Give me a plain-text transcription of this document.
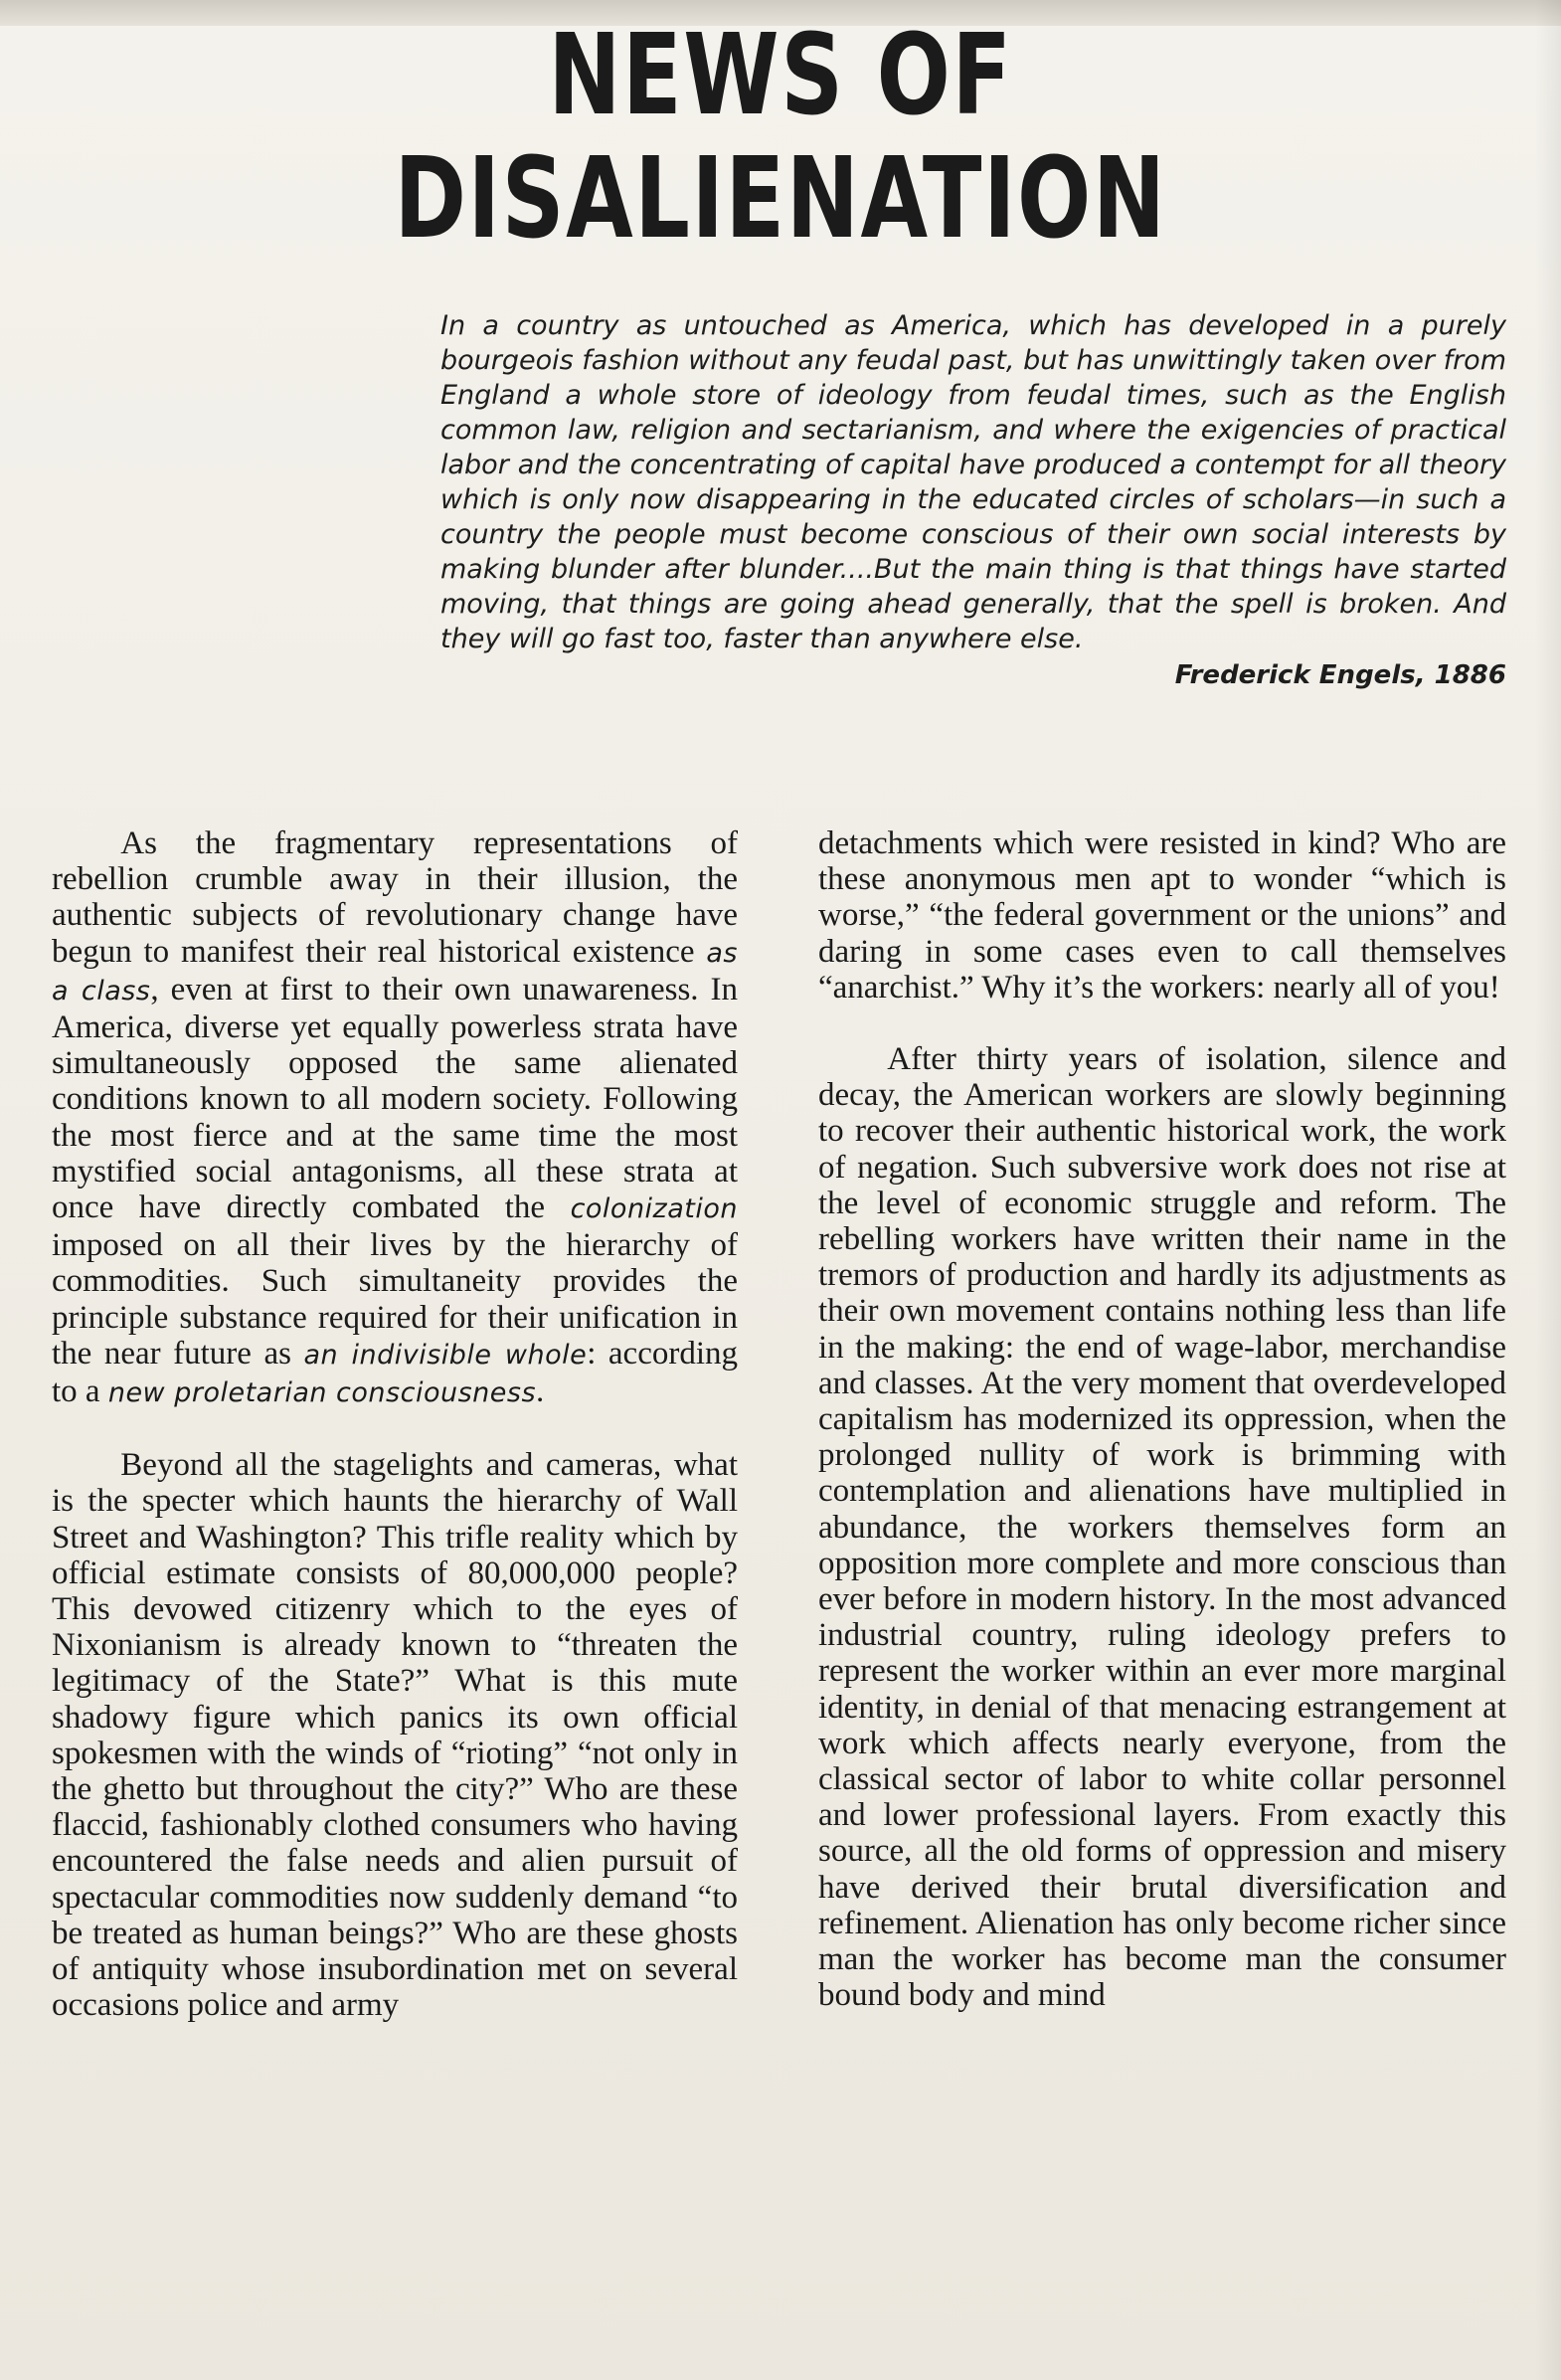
NEWS OF DISALIENATION

In a country as untouched as America, which has developed in a purely bourgeois fashion without any feudal past, but has unwittingly taken over from England a whole store of ideology from feudal times, such as the English common law, religion and sectarianism, and where the exigencies of practical labor and the concentrating of capital have produced a contempt for all theory which is only now disappearing in the educated circles of scholars—in such a country the people must become conscious of their own social interests by making blunder after blunder....But the main thing is that things have started moving, that things are going ahead generally, that the spell is broken. And they will go fast too, faster than anywhere else.

Frederick Engels, 1886

As the fragmentary representations of rebellion crumble away in their illusion, the authentic subjects of revolutionary change have begun to manifest their real historical existence as a class, even at first to their own unawareness. In America, diverse yet equally powerless strata have simultaneously opposed the same alienated conditions known to all modern society. Following the most fierce and at the same time the most mystified social antagonisms, all these strata at once have directly combated the colonization imposed on all their lives by the hierarchy of commodities. Such simultaneity provides the principle substance required for their unification in the near future as an indivisible whole: according to a new proletarian consciousness.

Beyond all the stagelights and cameras, what is the specter which haunts the hierarchy of Wall Street and Washington? This trifle reality which by official estimate consists of 80,000,000 people? This devowed citizenry which to the eyes of Nixonianism is already known to “threaten the legitimacy of the State?” What is this mute shadowy figure which panics its own official spokesmen with the winds of “rioting” “not only in the ghetto but throughout the city?” Who are these flaccid, fashionably clothed consumers who having encountered the false needs and alien pursuit of spectacular commodities now suddenly demand “to be treated as human beings?” Who are these ghosts of antiquity whose insubordination met on several occasions police and army

detachments which were resisted in kind? Who are these anonymous men apt to wonder “which is worse,” “the federal government or the unions” and daring in some cases even to call themselves “anarchist.” Why it’s the workers: nearly all of you!

After thirty years of isolation, silence and decay, the American workers are slowly beginning to recover their authentic historical work, the work of negation. Such subversive work does not rise at the level of economic struggle and reform. The rebelling workers have written their name in the tremors of production and hardly its adjustments as their own movement contains nothing less than life in the making: the end of wage-labor, merchandise and classes. At the very moment that overdeveloped capitalism has modernized its oppression, when the prolonged nullity of work is brimming with contemplation and alienations have multiplied in abundance, the workers themselves form an opposition more complete and more conscious than ever before in modern history. In the most advanced industrial country, ruling ideology prefers to represent the worker within an ever more marginal identity, in denial of that menacing estrangement at work which affects nearly everyone, from the classical sector of labor to white collar personnel and lower professional layers. From exactly this source, all the old forms of oppression and misery have derived their brutal diversification and refinement. Alienation has only become richer since man the worker has become man the consumer bound body and mind
